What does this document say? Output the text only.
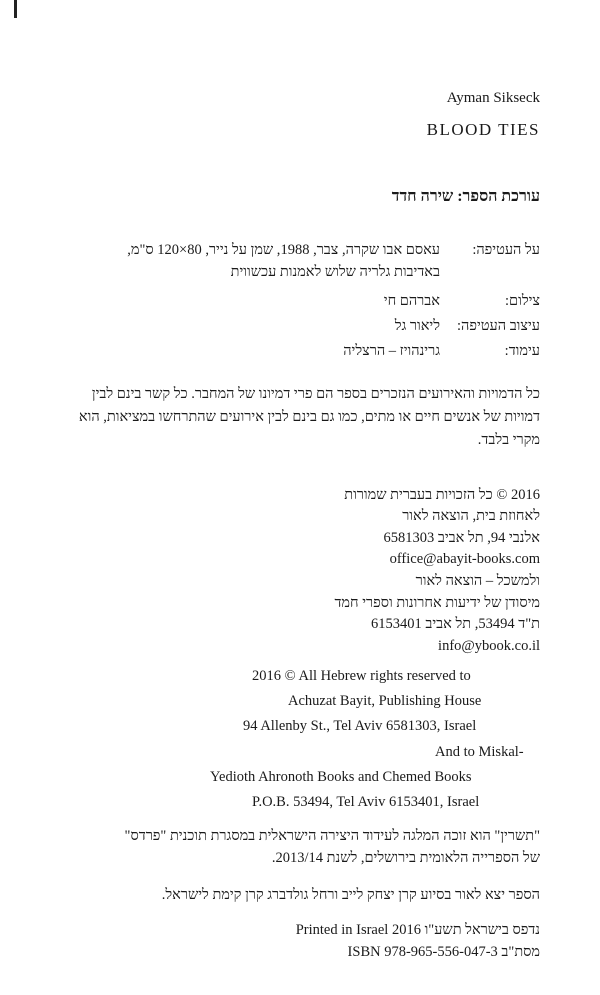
Ayman Sikseck
BLOOD TIES
עורכת הספר: שירה חדד
על העטיפה:
עאסם אבו שקרה, צבר, 1988, שמן על נייר, 80×120 ס"מ,
באדיבות גלריה שלוש לאמנות עכשווית
צילום:
אברהם חי
עיצוב העטיפה:
ליאור גל
עימוד:
גרינהויז – הרצליה
כל הדמויות והאירועים הנזכרים בספר הם פרי דמיונו של המחבר. כל קשר בינם לבין דמויות של אנשים חיים או מתים, כמו גם בינם לבין אירועים שהתרחשו במציאות, הוא מקרי בלבד.
2016 © כל הזכויות בעברית שמורות
לאחוזת בית, הוצאה לאור
אלנבי 94, תל אביב 6581303
office@abayit-books.com
ולמשכל – הוצאה לאור
מיסודן של ידיעות אחרונות וספרי חמד
ת"ד 53494, תל אביב 6153401
info@ybook.co.il
2016 © All Hebrew rights reserved to
Achuzat Bayit, Publishing House
94 Allenby St., Tel Aviv 6581303, Israel
And to Miskal-
Yedioth Ahronoth Books and Chemed Books
P.O.B. 53494, Tel Aviv 6153401, Israel
"תשרין" הוא זוכה המלגה לעידוד היצירה הישראלית במסגרת תוכנית "פרדס"
של הספרייה הלאומית בירושלים, לשנת 2013/14.
הספר יצא לאור בסיוע קרן יצחק לייב ורחל גולדברג קרן קימת לישראל.
נדפס בישראל תשע"ו Printed in Israel 2016
מסת"ב ISBN 978-965-556-047-3
